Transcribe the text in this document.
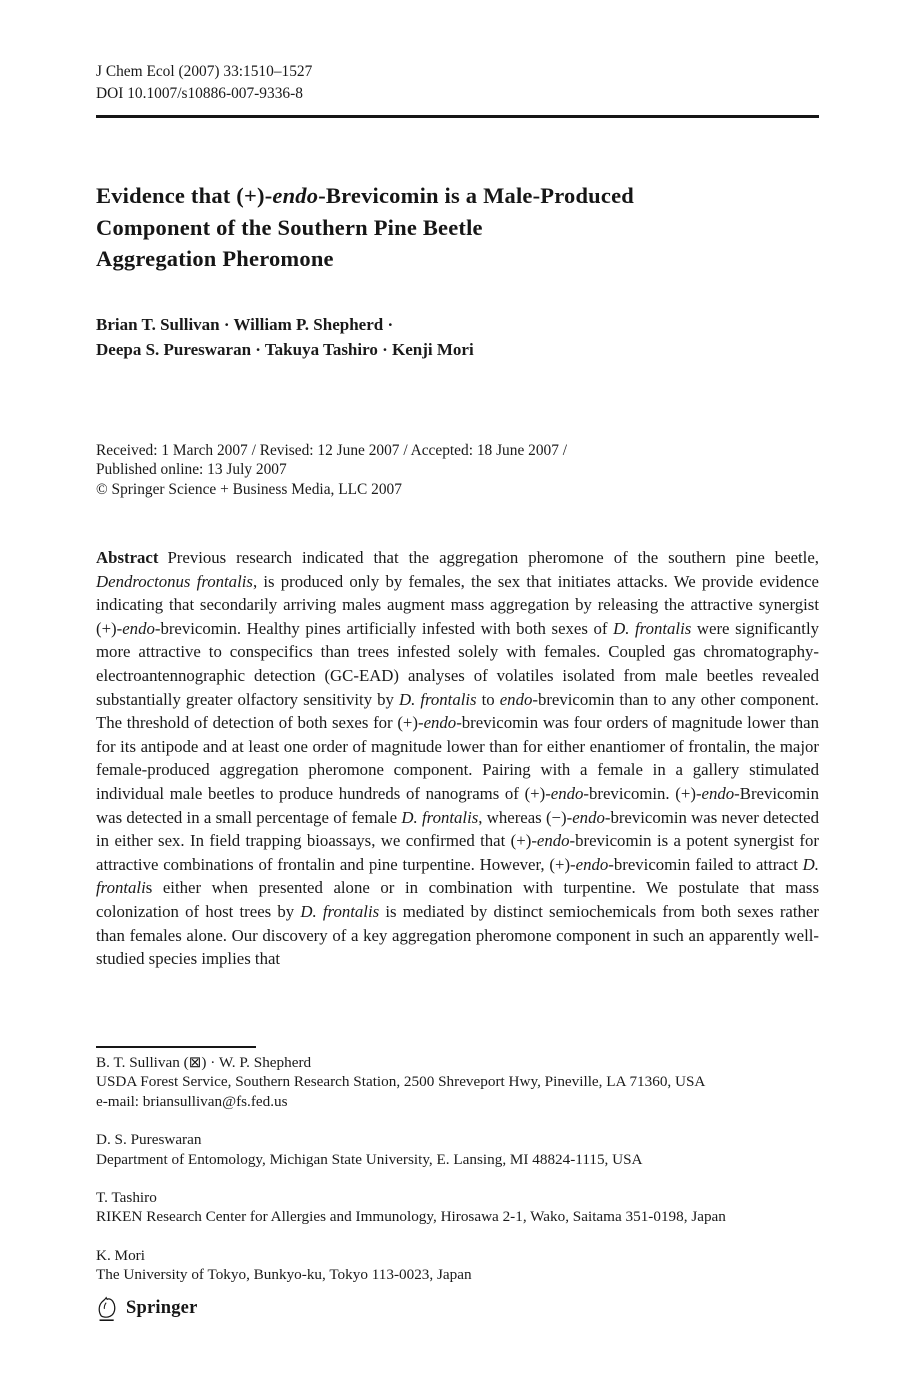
J Chem Ecol (2007) 33:1510–1527
DOI 10.1007/s10886-007-9336-8
Evidence that (+)-endo-Brevicomin is a Male-Produced
Component of the Southern Pine Beetle
Aggregation Pheromone
Brian T. Sullivan · William P. Shepherd ·
Deepa S. Pureswaran · Takuya Tashiro · Kenji Mori
Received: 1 March 2007 / Revised: 12 June 2007 / Accepted: 18 June 2007 /
Published online: 13 July 2007
© Springer Science + Business Media, LLC 2007
Abstract Previous research indicated that the aggregation pheromone of the southern pine beetle, Dendroctonus frontalis, is produced only by females, the sex that initiates attacks. We provide evidence indicating that secondarily arriving males augment mass aggregation by releasing the attractive synergist (+)-endo-brevicomin. Healthy pines artificially infested with both sexes of D. frontalis were significantly more attractive to conspecifics than trees infested solely with females. Coupled gas chromatography-electroantennographic detection (GC-EAD) analyses of volatiles isolated from male beetles revealed substantially greater olfactory sensitivity by D. frontalis to endo-brevicomin than to any other component. The threshold of detection of both sexes for (+)-endo-brevicomin was four orders of magnitude lower than for its antipode and at least one order of magnitude lower than for either enantiomer of frontalin, the major female-produced aggregation pheromone component. Pairing with a female in a gallery stimulated individual male beetles to produce hundreds of nanograms of (+)-endo-brevicomin. (+)-endo-Brevicomin was detected in a small percentage of female D. frontalis, whereas (−)-endo-brevicomin was never detected in either sex. In field trapping bioassays, we confirmed that (+)-endo-brevicomin is a potent synergist for attractive combinations of frontalin and pine turpentine. However, (+)-endo-brevicomin failed to attract D. frontalis either when presented alone or in combination with turpentine. We postulate that mass colonization of host trees by D. frontalis is mediated by distinct semiochemicals from both sexes rather than females alone. Our discovery of a key aggregation pheromone component in such an apparently well-studied species implies that
B. T. Sullivan (⊠) · W. P. Shepherd
USDA Forest Service, Southern Research Station, 2500 Shreveport Hwy, Pineville, LA 71360, USA
e-mail: briansullivan@fs.fed.us
D. S. Pureswaran
Department of Entomology, Michigan State University, E. Lansing, MI 48824-1115, USA
T. Tashiro
RIKEN Research Center for Allergies and Immunology, Hirosawa 2-1, Wako, Saitama 351-0198, Japan
K. Mori
The University of Tokyo, Bunkyo-ku, Tokyo 113-0023, Japan
Springer
